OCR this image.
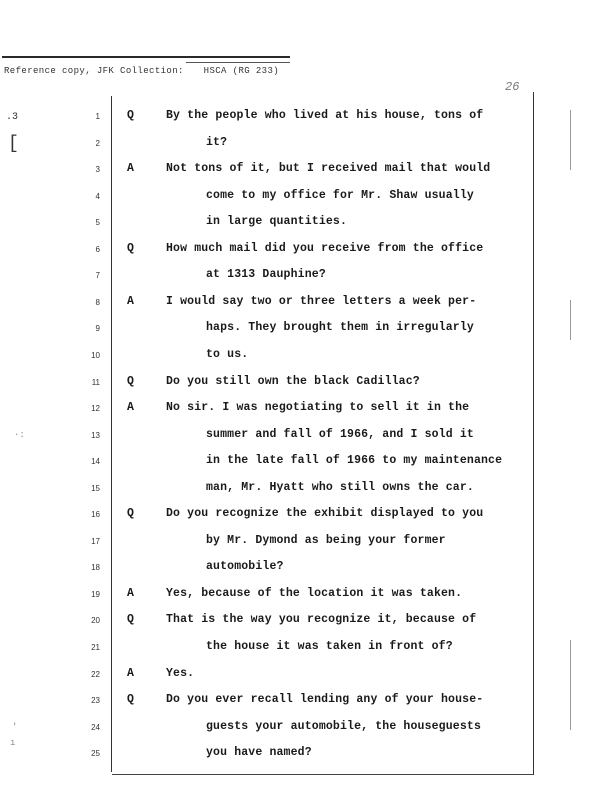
Reference copy, JFK Collection: HSCA (RG 233)
26
.3
[
·:
'
ı
1 Q	By the people who lived at his house, tons of
2	it?
3 A	Not tons of it, but I received mail that would
4	come to my office for Mr. Shaw usually
5	in large quantities.
6 Q	How much mail did you receive from the office
7	at 1313 Dauphine?
8 A	I would say two or three letters a week per-
9	haps. They brought them in irregularly
10	to us.
11 Q	Do you still own the black Cadillac?
12 A	No sir. I was negotiating to sell it in the
13	summer and fall of 1966, and I sold it
14	in the late fall of 1966 to my maintenance
15	man, Mr. Hyatt who still owns the car.
16 Q	Do you recognize the exhibit displayed to you
17	by Mr. Dymond as being your former
18	automobile?
19 A	Yes, because of the location it was taken.
20 Q	That is the way you recognize it, because of
21	the house it was taken in front of?
22 A	Yes.
23 Q	Do you ever recall lending any of your house-
24	guests your automobile, the houseguests
25	you have named?
